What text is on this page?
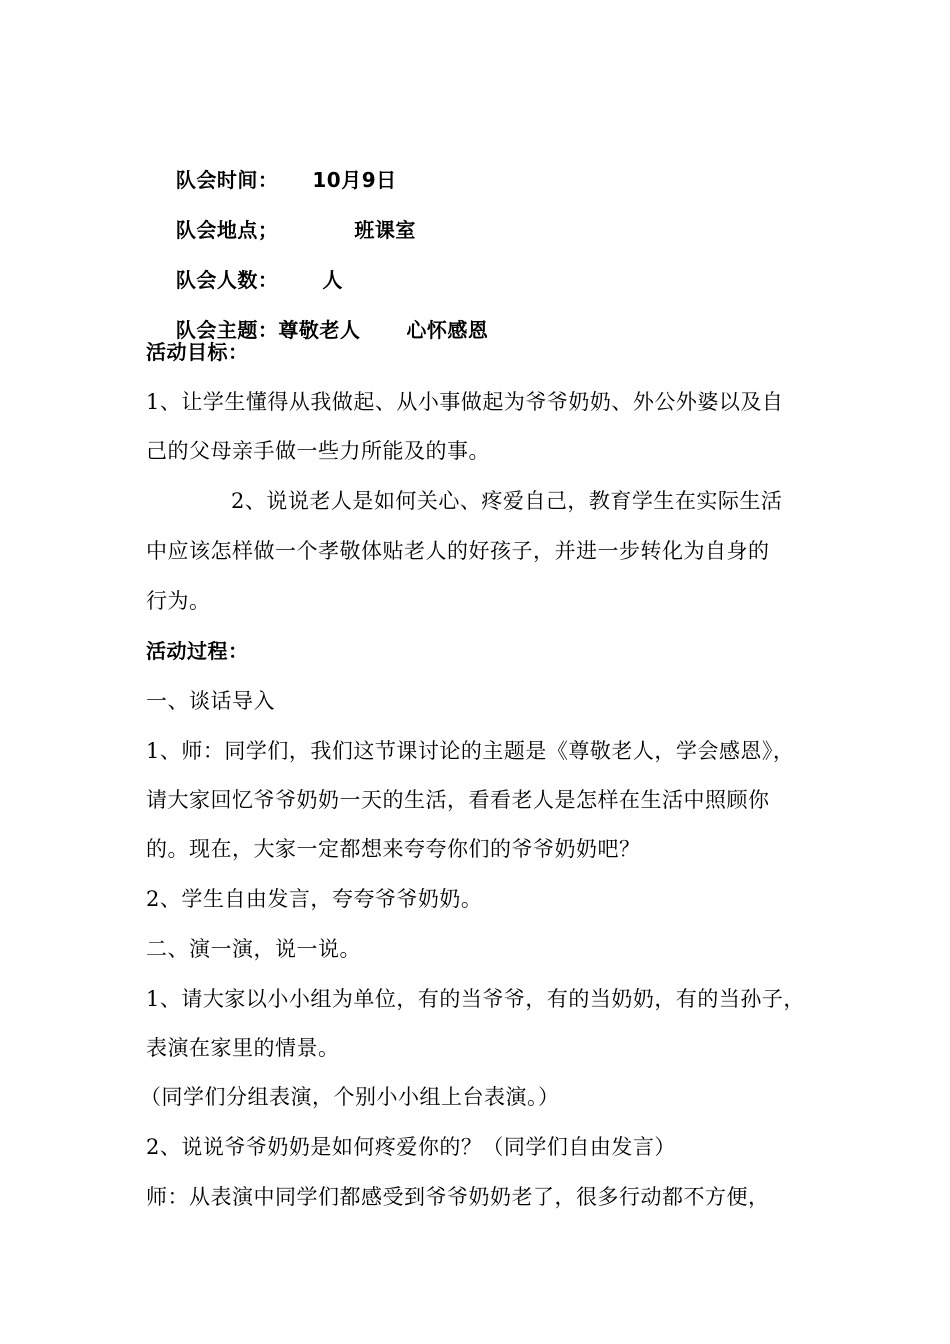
队会时间： 10月9日

队会地点；	班课室

队会人数： 人

队会主题：尊敬老人 心怀感恩

活动目标：
1、让学生懂得从我做起、从小事做起为爷爷奶奶、外公外婆以及自
己的父母亲手做一些力所能及的事。
2、说说老人是如何关心、疼爱自己，教育学生在实际生活
中应该怎样做一个孝敬体贴老人的好孩子，并进一步转化为自身的
行为。
活动过程：
一、谈话导入
1、师：同学们，我们这节课讨论的主题是《尊敬老人，学会感恩》，
请大家回忆爷爷奶奶一天的生活，看看老人是怎样在生活中照顾你
的。现在，大家一定都想来夸夸你们的爷爷奶奶吧？
2、学生自由发言，夸夸爷爷奶奶。
二、演一演，说一说。
1、请大家以小小组为单位，有的当爷爷，有的当奶奶，有的当孙子，
表演在家里的情景。
（同学们分组表演，个别小小组上台表演。）
2、说说爷爷奶奶是如何疼爱你的？（同学们自由发言）
师：从表演中同学们都感受到爷爷奶奶老了，很多行动都不方便，
